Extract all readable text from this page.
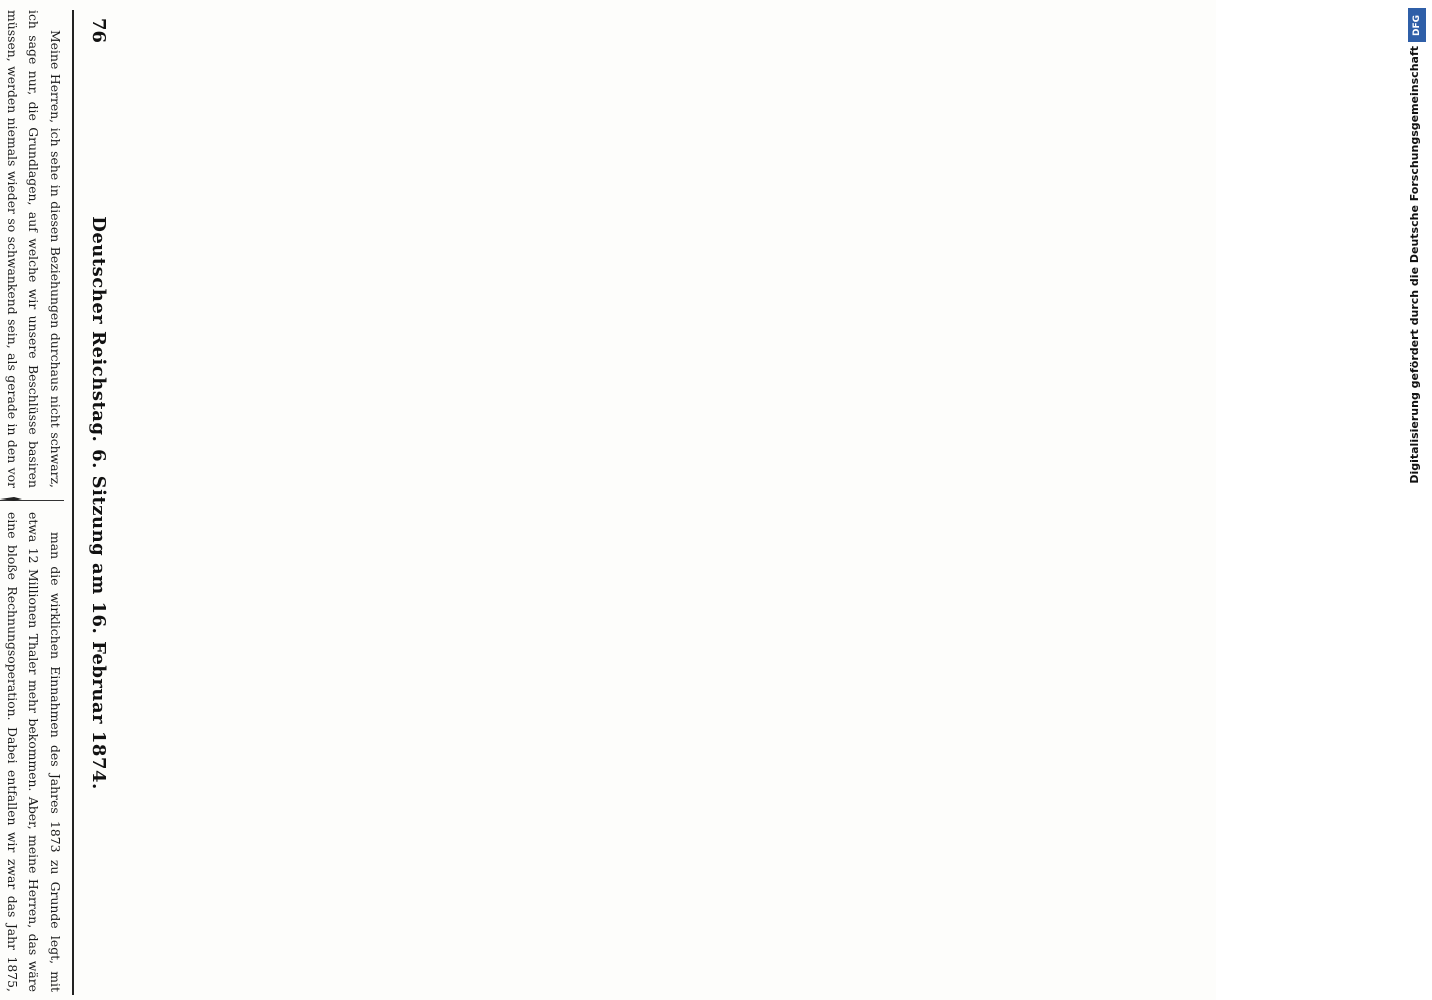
76
Deutscher Reichstag. 6. Sitzung am 16. Februar 1874.

Meine Herren, ich sehe in diesen Beziehungen durchaus nicht schwarz, ich sage nur, die Grundlagen, auf welche wir unsere Beschlüsse basiren müssen, werden niemals wieder so schwankend sein, als gerade in den vor

man die wirklichen Einnahmen des Jahres 1873 zu Grunde legt, mit etwa 12 Millionen Thaler mehr bekommen. Aber, meine Herren, das wäre eine bloße Rechnungsoperation. Dabei entfallen wir zwar das Jahr 1875,

Digitalisierung gefördert durch die Deutsche Forschungsgemeinschaft
DFG
